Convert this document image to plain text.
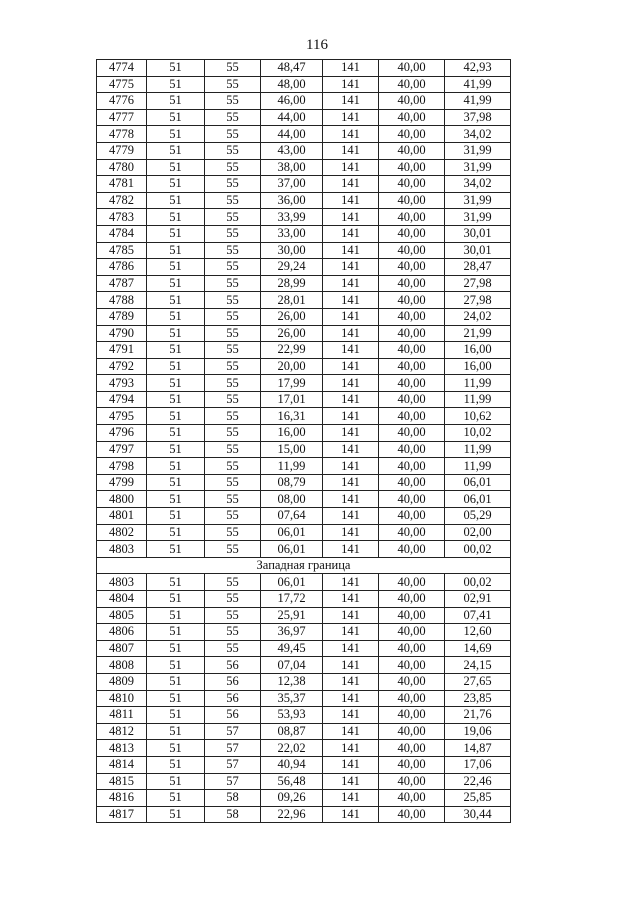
116
4774	51	55	48,47	141	40,00	42,93
4775	51	55	48,00	141	40,00	41,99
4776	51	55	46,00	141	40,00	41,99
4777	51	55	44,00	141	40,00	37,98
4778	51	55	44,00	141	40,00	34,02
4779	51	55	43,00	141	40,00	31,99
4780	51	55	38,00	141	40,00	31,99
4781	51	55	37,00	141	40,00	34,02
4782	51	55	36,00	141	40,00	31,99
4783	51	55	33,99	141	40,00	31,99
4784	51	55	33,00	141	40,00	30,01
4785	51	55	30,00	141	40,00	30,01
4786	51	55	29,24	141	40,00	28,47
4787	51	55	28,99	141	40,00	27,98
4788	51	55	28,01	141	40,00	27,98
4789	51	55	26,00	141	40,00	24,02
4790	51	55	26,00	141	40,00	21,99
4791	51	55	22,99	141	40,00	16,00
4792	51	55	20,00	141	40,00	16,00
4793	51	55	17,99	141	40,00	11,99
4794	51	55	17,01	141	40,00	11,99
4795	51	55	16,31	141	40,00	10,62
4796	51	55	16,00	141	40,00	10,02
4797	51	55	15,00	141	40,00	11,99
4798	51	55	11,99	141	40,00	11,99
4799	51	55	08,79	141	40,00	06,01
4800	51	55	08,00	141	40,00	06,01
4801	51	55	07,64	141	40,00	05,29
4802	51	55	06,01	141	40,00	02,00
4803	51	55	06,01	141	40,00	00,02
Западная граница						
4803	51	55	06,01	141	40,00	00,02
4804	51	55	17,72	141	40,00	02,91
4805	51	55	25,91	141	40,00	07,41
4806	51	55	36,97	141	40,00	12,60
4807	51	55	49,45	141	40,00	14,69
4808	51	56	07,04	141	40,00	24,15
4809	51	56	12,38	141	40,00	27,65
4810	51	56	35,37	141	40,00	23,85
4811	51	56	53,93	141	40,00	21,76
4812	51	57	08,87	141	40,00	19,06
4813	51	57	22,02	141	40,00	14,87
4814	51	57	40,94	141	40,00	17,06
4815	51	57	56,48	141	40,00	22,46
4816	51	58	09,26	141	40,00	25,85
4817	51	58	22,96	141	40,00	30,44
